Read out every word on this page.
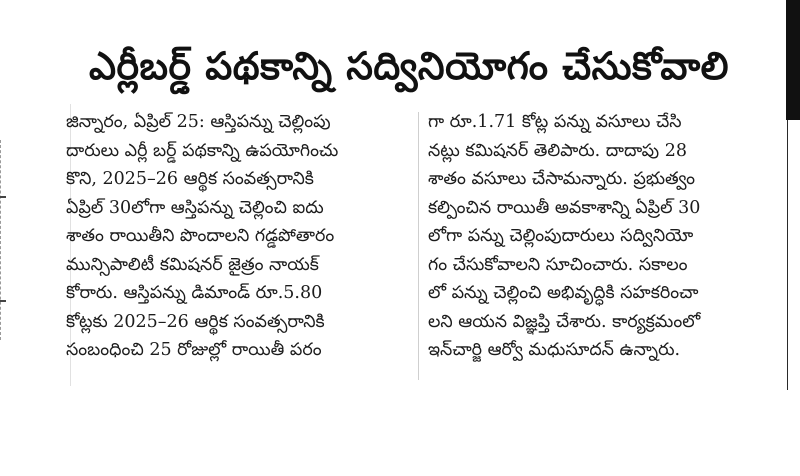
ఎర్లీబర్డ్ పథకాన్ని సద్వినియోగం చేసుకోవాలి
జిన్నారం, ఏప్రిల్ 25: ఆస్తిపన్ను చెల్లింపు
దారులు ఎర్లీ బర్డ్ పథకాన్ని ఉపయోగించు
కొని, 2025–26 ఆర్థిక సంవత్సరానికి
ఏప్రిల్ 30లోగా ఆస్తిపన్ను చెల్లించి ఐదు
శాతం రాయితీని పొందాలని గడ్డపోతారం
మున్సిపాలిటీ కమిషనర్ జైత్రం నాయక్
కోరారు. ఆస్తిపన్ను డిమాండ్ రూ.5.80
కోట్లకు 2025–26 ఆర్థిక సంవత్సరానికి
సంబంధించి 25 రోజుల్లో రాయితీ పరం
గా రూ.1.71 కోట్ల పన్ను వసూలు చేసి
నట్లు కమిషనర్ తెలిపారు. దాదాపు 28
శాతం వసూలు చేసామన్నారు. ప్రభుత్వం
కల్పించిన రాయితీ అవకాశాన్ని ఏప్రిల్ 30
లోగా పన్ను చెల్లింపుదారులు సద్వినియో
గం చేసుకోవాలని సూచించారు. సకాలం
లో పన్ను చెల్లించి అభివృద్ధికి సహకరించా
లని ఆయన విజ్ఞప్తి చేశారు. కార్యక్రమంలో
ఇన్‌చార్జి ఆర్వో మధుసూదన్ ఉన్నారు.
